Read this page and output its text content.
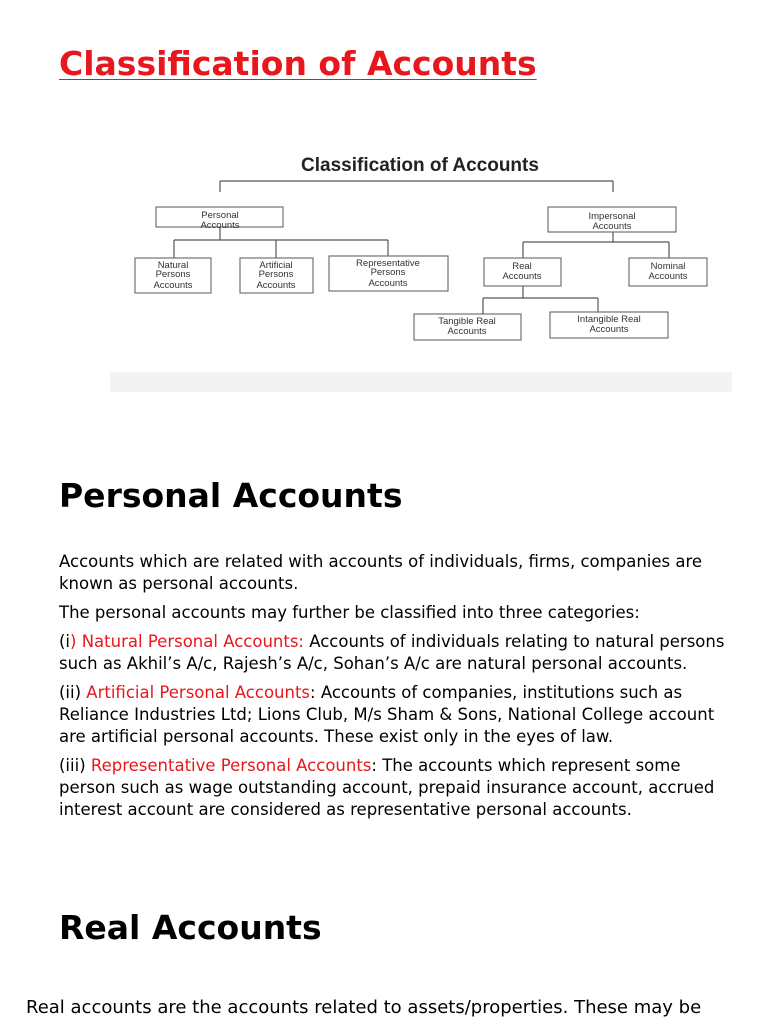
Classification of Accounts
Classification of Accounts
Personal
Accounts
Impersonal
Accounts
Natural
Persons
Accounts
Artificial
Persons
Accounts
Representative
Persons
Accounts
Real
Accounts
Nominal
Accounts
Tangible Real
Accounts
Intangible Real
Accounts
Personal Accounts

Accounts which are related with accounts of individuals, firms, companies are known as personal accounts.

The personal accounts may further be classified into three categories:

(i) Natural Personal Accounts: Accounts of individuals relating to natural persons such as Akhil’s A/c, Rajesh’s A/c, Sohan’s A/c are natural personal accounts.

(ii) Artificial Personal Accounts: Accounts of companies, institutions such as Reliance Industries Ltd; Lions Club, M/s Sham & Sons, National College account are artificial personal accounts. These exist only in the eyes of law.

(iii) Representative Personal Accounts: The accounts which represent some person such as wage outstanding account, prepaid insurance account, accrued interest account are considered as representative personal accounts.

Real Accounts

Real accounts are the accounts related to assets/properties. These may be
